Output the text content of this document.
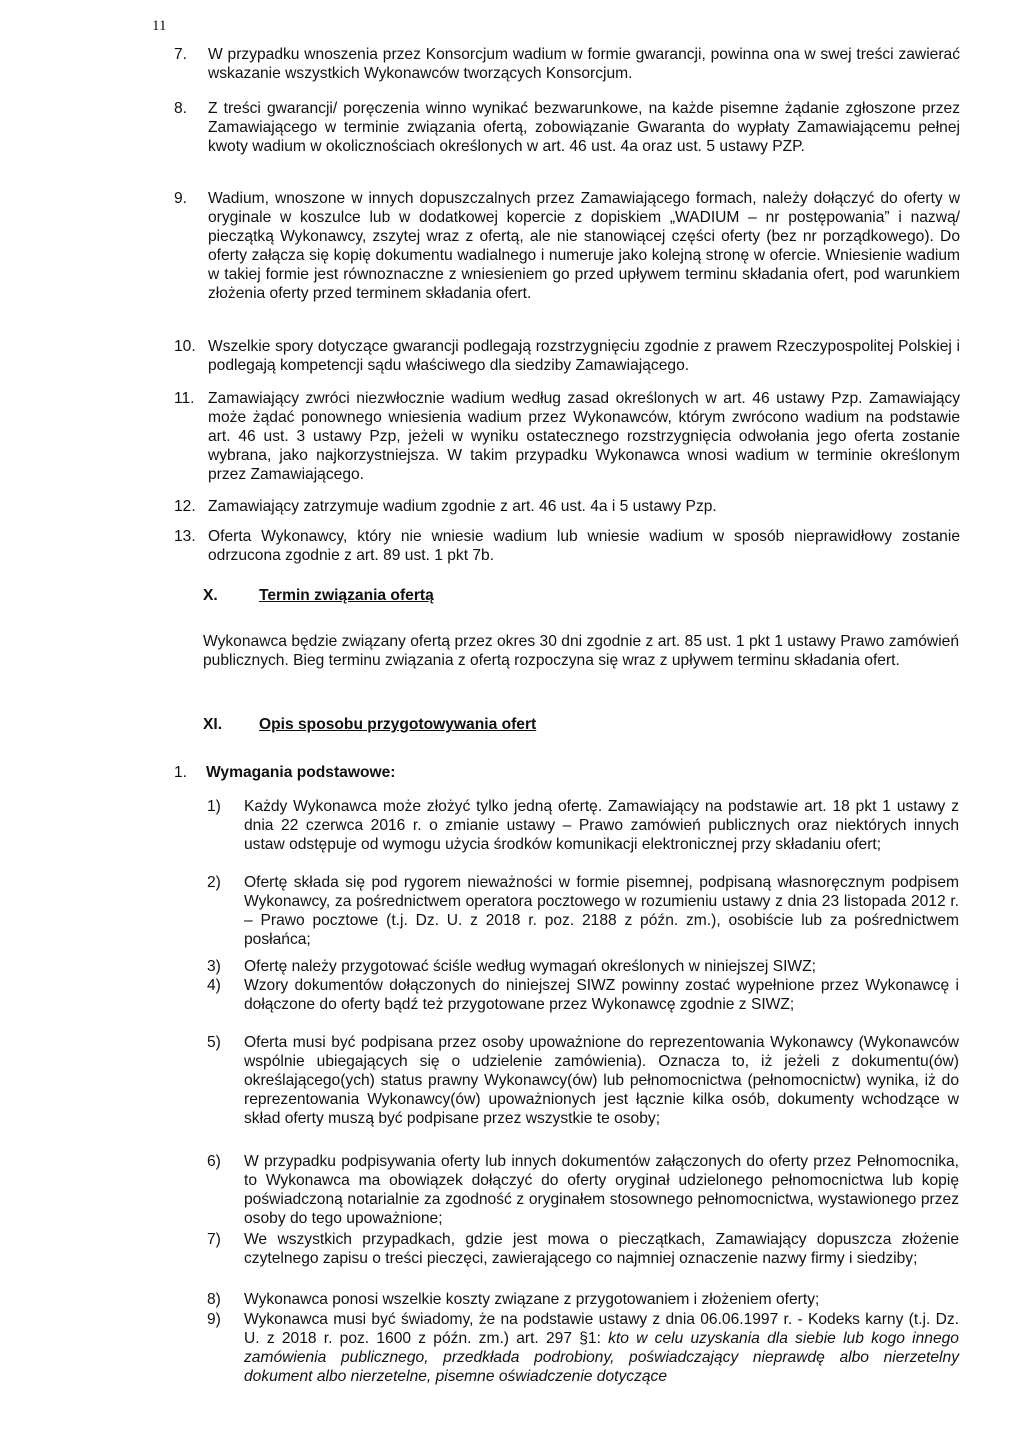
11
7. W przypadku wnoszenia przez Konsorcjum wadium w formie gwarancji, powinna ona w swej treści zawierać wskazanie wszystkich Wykonawców tworzących Konsorcjum.
8. Z treści gwarancji/ poręczenia winno wynikać bezwarunkowe, na każde pisemne żądanie zgłoszone przez Zamawiającego w terminie związania ofertą, zobowiązanie Gwaranta do wypłaty Zamawiającemu pełnej kwoty wadium w okolicznościach określonych w art. 46 ust. 4a oraz ust. 5 ustawy PZP.
9. Wadium, wnoszone w innych dopuszczalnych przez Zamawiającego formach, należy dołączyć do oferty w oryginale w koszulce lub w dodatkowej kopercie z dopiskiem „WADIUM – nr postępowania” i nazwą/ pieczątką Wykonawcy, zszytej wraz z ofertą, ale nie stanowiącej części oferty (bez nr porządkowego). Do oferty załącza się kopię dokumentu wadialnego i numeruje jako kolejną stronę w ofercie. Wniesienie wadium w takiej formie jest równoznaczne z wniesieniem go przed upływem terminu składania ofert, pod warunkiem złożenia oferty przed terminem składania ofert.
10. Wszelkie spory dotyczące gwarancji podlegają rozstrzygnięciu zgodnie z prawem Rzeczypospolitej Polskiej i podlegają kompetencji sądu właściwego dla siedziby Zamawiającego.
11. Zamawiający zwróci niezwłocznie wadium według zasad określonych w art. 46 ustawy Pzp. Zamawiający może żądać ponownego wniesienia wadium przez Wykonawców, którym zwrócono wadium na podstawie art. 46 ust. 3 ustawy Pzp, jeżeli w wyniku ostatecznego rozstrzygnięcia odwołania jego oferta zostanie wybrana, jako najkorzystniejsza. W takim przypadku Wykonawca wnosi wadium w terminie określonym przez Zamawiającego.
12. Zamawiający zatrzymuje wadium zgodnie z art. 46 ust. 4a i 5 ustawy Pzp.
13. Oferta Wykonawcy, który nie wniesie wadium lub wniesie wadium w sposób nieprawidłowy zostanie odrzucona zgodnie z art. 89 ust. 1 pkt 7b.
X.	Termin związania ofertą
Wykonawca będzie związany ofertą przez okres 30 dni zgodnie z art. 85 ust. 1 pkt 1 ustawy Prawo zamówień publicznych. Bieg terminu związania z ofertą rozpoczyna się wraz z upływem terminu składania ofert.
XI. Opis sposobu przygotowywania ofert
1. Wymagania podstawowe:
1) Każdy Wykonawca może złożyć tylko jedną ofertę. Zamawiający na podstawie art. 18 pkt 1 ustawy z dnia 22 czerwca 2016 r. o zmianie ustawy – Prawo zamówień publicznych oraz niektórych innych ustaw odstępuje od wymogu użycia środków komunikacji elektronicznej przy składaniu ofert;
2) Ofertę składa się pod rygorem nieważności w formie pisemnej, podpisaną własnoręcznym podpisem Wykonawcy, za pośrednictwem operatora pocztowego w rozumieniu ustawy z dnia 23 listopada 2012 r. – Prawo pocztowe (t.j. Dz. U. z 2018 r. poz. 2188 z późn. zm.), osobiście lub za pośrednictwem posłańca;
3) Ofertę należy przygotować ściśle według wymagań określonych w niniejszej SIWZ;
4) Wzory dokumentów dołączonych do niniejszej SIWZ powinny zostać wypełnione przez Wykonawcę i dołączone do oferty bądź też przygotowane przez Wykonawcę zgodnie z SIWZ;
5) Oferta musi być podpisana przez osoby upoważnione do reprezentowania Wykonawcy (Wykonawców wspólnie ubiegających się o udzielenie zamówienia). Oznacza to, iż jeżeli z dokumentu(ów) określającego(ych) status prawny Wykonawcy(ów) lub pełnomocnictwa (pełnomocnictw) wynika, iż do reprezentowania Wykonawcy(ów) upoważnionych jest łącznie kilka osób, dokumenty wchodzące w skład oferty muszą być podpisane przez wszystkie te osoby;
6) W przypadku podpisywania oferty lub innych dokumentów załączonych do oferty przez Pełnomocnika, to Wykonawca ma obowiązek dołączyć do oferty oryginał udzielonego pełnomocnictwa lub kopię poświadczoną notarialnie za zgodność z oryginałem stosownego pełnomocnictwa, wystawionego przez osoby do tego upoważnione;
7) We wszystkich przypadkach, gdzie jest mowa o pieczątkach, Zamawiający dopuszcza złożenie czytelnego zapisu o treści pieczęci, zawierającego co najmniej oznaczenie nazwy firmy i siedziby;
8) Wykonawca ponosi wszelkie koszty związane z przygotowaniem i złożeniem oferty;
9) Wykonawca musi być świadomy, że na podstawie ustawy z dnia 06.06.1997 r. - Kodeks karny (t.j. Dz. U. z 2018 r. poz. 1600 z późn. zm.) art. 297 §1: kto w celu uzyskania dla siebie lub kogo innego zamówienia publicznego, przedkłada podrobiony, poświadczający nieprawdę albo nierzetelny dokument albo nierzetelne, pisemne oświadczenie dotyczące
